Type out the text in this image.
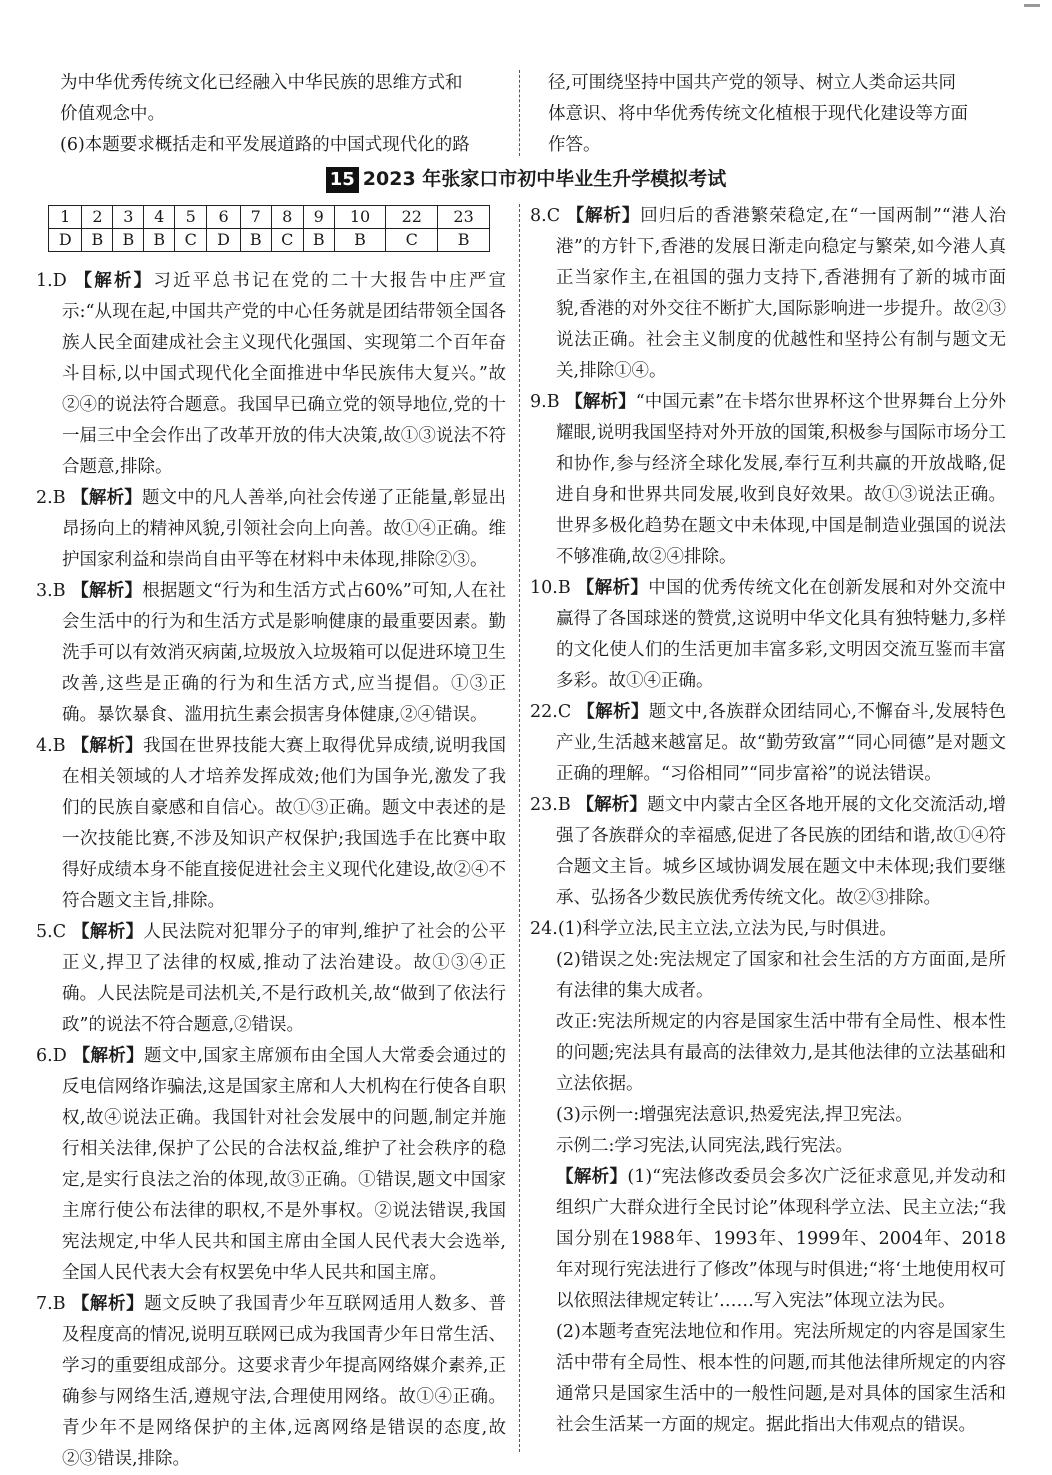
为中华优秀传统文化已经融入中华民族的思维方式和

价值观念中。

(6)本题要求概括走和平发展道路的中国式现代化的路

径,可围绕坚持中国共产党的领导、树立人类命运共同

体意识、将中华优秀传统文化植根于现代化建设等方面

作答。

15 2023 年张家口市初中毕业生升学模拟考试
1	2	3	4	5	6	7	8	9	10	22	23
D	B	B	B	C	D	B	C	B	B	C	B

1.D 【解析】习近平总书记在党的二十大报告中庄严宣示:“从现在起,中国共产党的中心任务就是团结带领全国各族人民全面建成社会主义现代化强国、实现第二个百年奋斗目标,以中国式现代化全面推进中华民族伟大复兴。”故②④的说法符合题意。我国早已确立党的领导地位,党的十一届三中全会作出了改革开放的伟大决策,故①③说法不符合题意,排除。

2.B 【解析】题文中的凡人善举,向社会传递了正能量,彰显出昂扬向上的精神风貌,引领社会向上向善。故①④正确。维护国家利益和崇尚自由平等在材料中未体现,排除②③。

3.B 【解析】根据题文“行为和生活方式占60%”可知,人在社会生活中的行为和生活方式是影响健康的最重要因素。勤洗手可以有效消灭病菌,垃圾放入垃圾箱可以促进环境卫生改善,这些是正确的行为和生活方式,应当提倡。①③正确。暴饮暴食、滥用抗生素会损害身体健康,②④错误。

4.B 【解析】我国在世界技能大赛上取得优异成绩,说明我国在相关领域的人才培养发挥成效;他们为国争光,激发了我们的民族自豪感和自信心。故①③正确。题文中表述的是一次技能比赛,不涉及知识产权保护;我国选手在比赛中取得好成绩本身不能直接促进社会主义现代化建设,故②④不符合题文主旨,排除。

5.C 【解析】人民法院对犯罪分子的审判,维护了社会的公平正义,捍卫了法律的权威,推动了法治建设。故①③④正确。人民法院是司法机关,不是行政机关,故“做到了依法行政”的说法不符合题意,②错误。

6.D 【解析】题文中,国家主席颁布由全国人大常委会通过的反电信网络诈骗法,这是国家主席和人大机构在行使各自职权,故④说法正确。我国针对社会发展中的问题,制定并施行相关法律,保护了公民的合法权益,维护了社会秩序的稳定,是实行良法之治的体现,故③正确。①错误,题文中国家主席行使公布法律的职权,不是外事权。②说法错误,我国宪法规定,中华人民共和国主席由全国人民代表大会选举,全国人民代表大会有权罢免中华人民共和国主席。

7.B 【解析】题文反映了我国青少年互联网适用人数多、普及程度高的情况,说明互联网已成为我国青少年日常生活、学习的重要组成部分。这要求青少年提高网络媒介素养,正确参与网络生活,遵规守法,合理使用网络。故①④正确。青少年不是网络保护的主体,远离网络是错误的态度,故②③错误,排除。

8.C 【解析】回归后的香港繁荣稳定,在“一国两制”“港人治港”的方针下,香港的发展日渐走向稳定与繁荣,如今港人真正当家作主,在祖国的强力支持下,香港拥有了新的城市面貌,香港的对外交往不断扩大,国际影响进一步提升。故②③说法正确。社会主义制度的优越性和坚持公有制与题文无关,排除①④。

9.B 【解析】“中国元素”在卡塔尔世界杯这个世界舞台上分外耀眼,说明我国坚持对外开放的国策,积极参与国际市场分工和协作,参与经济全球化发展,奉行互利共赢的开放战略,促进自身和世界共同发展,收到良好效果。故①③说法正确。世界多极化趋势在题文中未体现,中国是制造业强国的说法不够准确,故②④排除。

10.B 【解析】中国的优秀传统文化在创新发展和对外交流中赢得了各国球迷的赞赏,这说明中华文化具有独特魅力,多样的文化使人们的生活更加丰富多彩,文明因交流互鉴而丰富多彩。故①④正确。

22.C 【解析】题文中,各族群众团结同心,不懈奋斗,发展特色产业,生活越来越富足。故“勤劳致富”“同心同德”是对题文正确的理解。“习俗相同”“同步富裕”的说法错误。

23.B 【解析】题文中内蒙古全区各地开展的文化交流活动,增强了各族群众的幸福感,促进了各民族的团结和谐,故①④符合题文主旨。城乡区域协调发展在题文中未体现;我们要继承、弘扬各少数民族优秀传统文化。故②③排除。

24.(1)科学立法,民主立法,立法为民,与时俱进。

(2)错误之处:宪法规定了国家和社会生活的方方面面,是所有法律的集大成者。

改正:宪法所规定的内容是国家生活中带有全局性、根本性的问题;宪法具有最高的法律效力,是其他法律的立法基础和立法依据。

(3)示例一:增强宪法意识,热爱宪法,捍卫宪法。

示例二:学习宪法,认同宪法,践行宪法。

【解析】(1)“宪法修改委员会多次广泛征求意见,并发动和组织广大群众进行全民讨论”体现科学立法、民主立法;“我国分别在1988年、1993年、1999年、2004年、2018年对现行宪法进行了修改”体现与时俱进;“将‘土地使用权可以依照法律规定转让’……写入宪法”体现立法为民。

(2)本题考查宪法地位和作用。宪法所规定的内容是国家生活中带有全局性、根本性的问题,而其他法律所规定的内容通常只是国家生活中的一般性问题,是对具体的国家生活和社会生活某一方面的规定。据此指出大伟观点的错误。
